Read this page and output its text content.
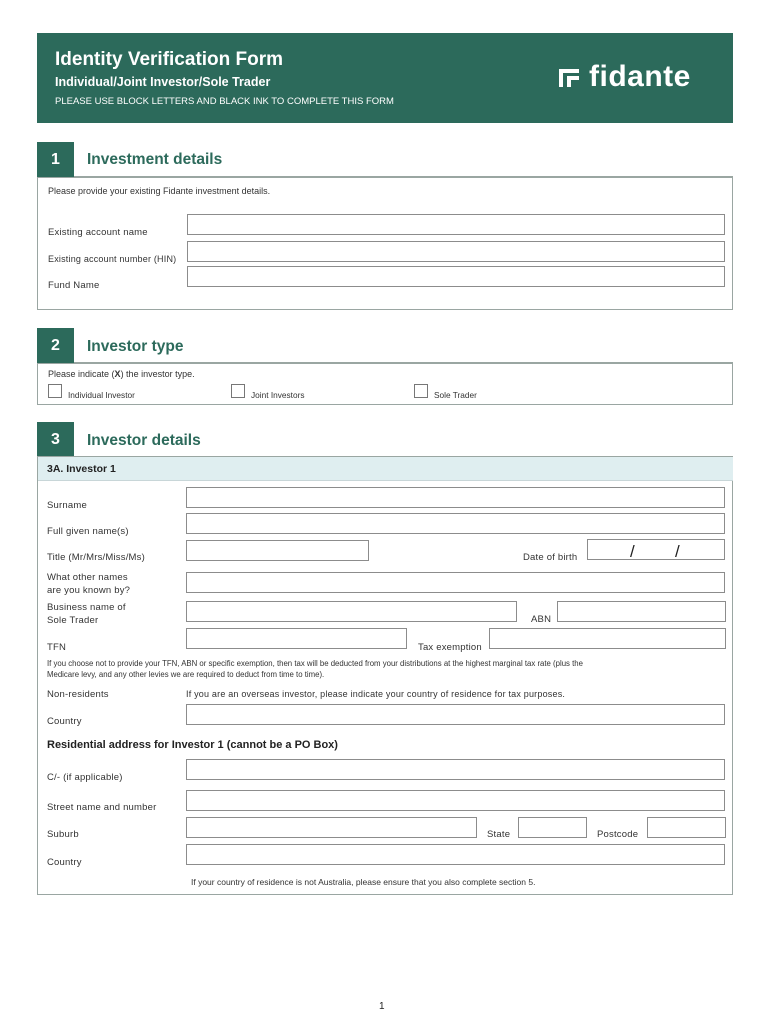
Identity Verification Form
Individual/Joint Investor/Sole Trader
PLEASE USE BLOCK LETTERS AND BLACK INK TO COMPLETE THIS FORM
fidante
1	Investment details
Please provide your existing Fidante investment details.
Existing account name
Existing account number (HIN)
Fund Name
2	Investor type
Please indicate (X) the investor type.
Individual Investor	Joint Investors	Sole Trader
3	Investor details
3A. Investor 1
Surname
Full given name(s)
Title (Mr/Mrs/Miss/Ms)	Date of birth	/ /
What other names
are you known by?
Business name of
Sole Trader	ABN
TFN	Tax exemption
If you choose not to provide your TFN, ABN or specific exemption, then tax will be deducted from your distributions at the highest marginal tax rate (plus the
Medicare levy, and any other levies we are required to deduct from time to time).
Non-residents	If you are an overseas investor, please indicate your country of residence for tax purposes.
Country
Residential address for Investor 1 (cannot be a PO Box)
C/- (if applicable)
Street name and number
Suburb	State	Postcode
Country
If your country of residence is not Australia, please ensure that you also complete section 5.
1
